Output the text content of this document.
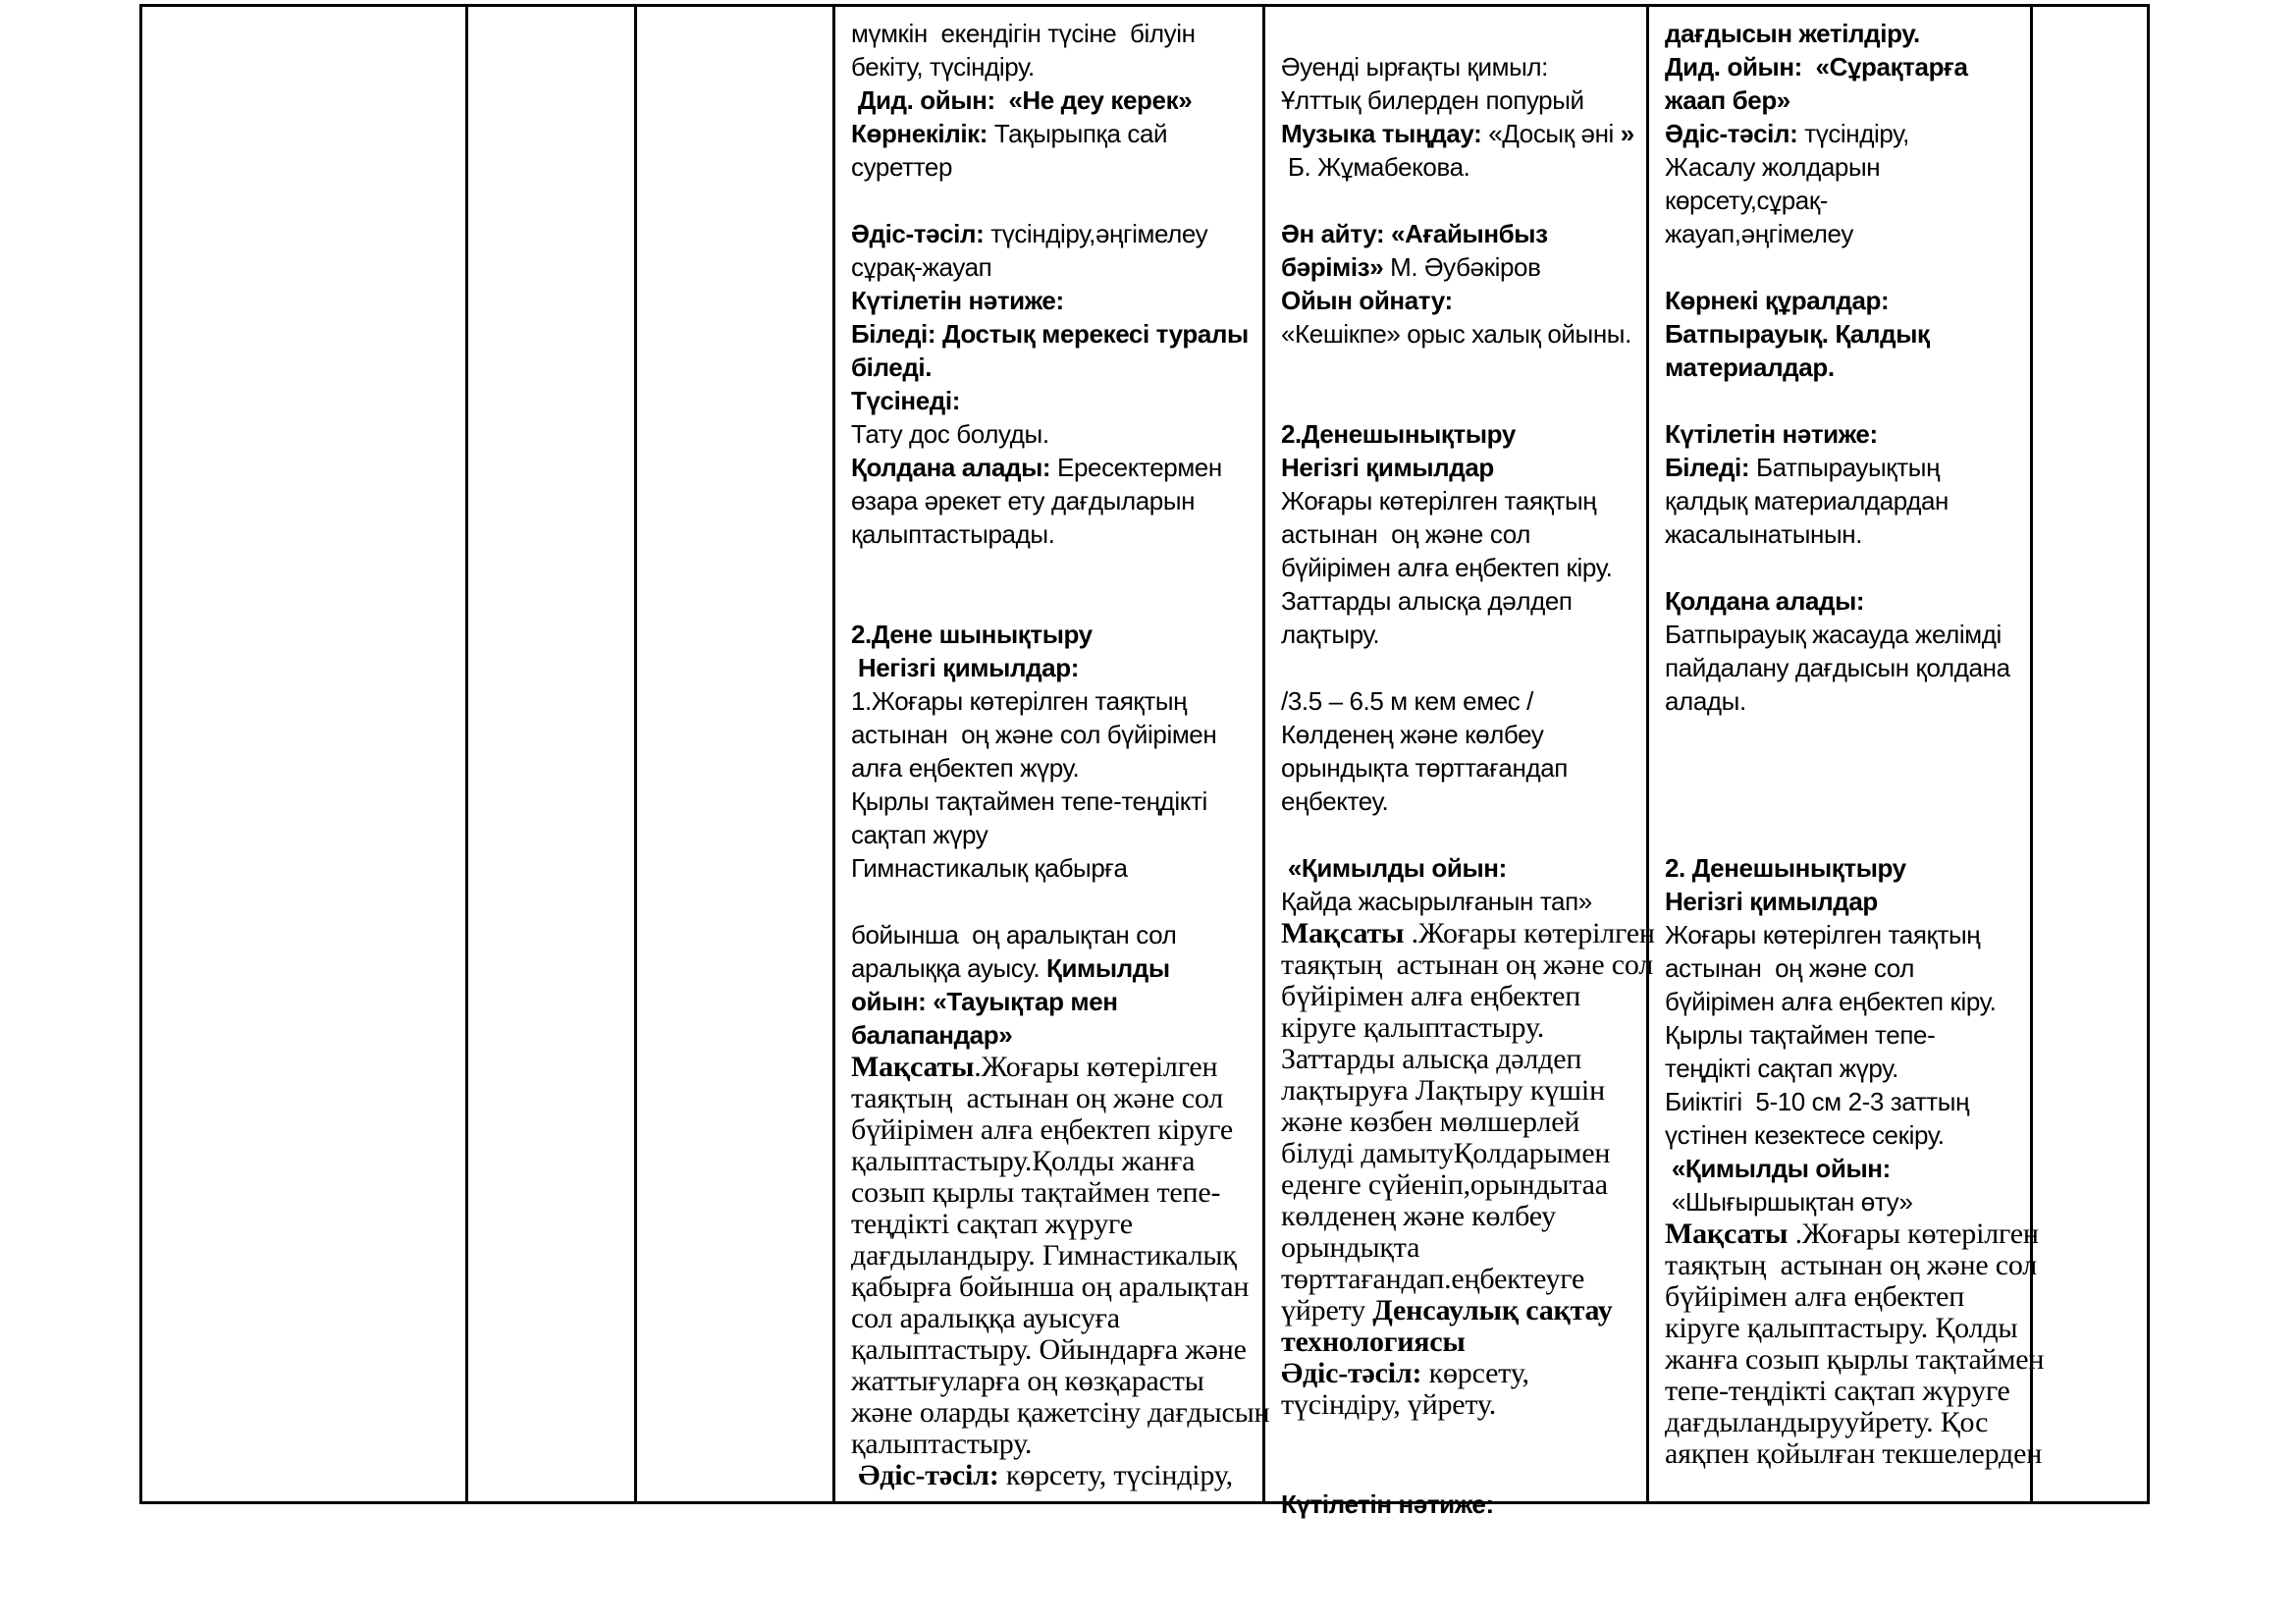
мүмкін  екендігін түсіне  білуін
бекіту, түсіндіру.
Дид. ойын:  «Не деу керек»
Көрнекілік: Тақырыпқа сай
суреттер
Әдіс-тәсіл: түсіндіру,әңгімелеу
сұрақ-жауап
Күтілетін нәтиже:
Біледі: Достық мерекесі туралы
біледі.
Түсінеді:
Тату дос болуды.
Қолдана алады: Ересектермен
өзара әрекет ету дағдыларын
қалыптастырады.
2.Дене шынықтыру
Негізгі қимылдар:
1.Жоғары көтерілген таяқтың
астынан  оң және сол бүйірімен
алға еңбектеп жүру.
Қырлы тақтаймен тепе-теңдікті
сақтап жүру
Гимнастикалық қабырға
бойынша  оң аралықтан сол
аралыққа ауысу. Қимылды
ойын: «Тауықтар мен
балапандар»
Мақсаты.Жоғары көтерілген
таяқтың  астынан оң және сол
бүйірімен алға еңбектеп кіруге
қалыптастыру.Қолды жанға
созып қырлы тақтаймен тепе-
теңдікті сақтап жүруге
дағдыландыру. Гимнастикалық
қабырға бойынша оң аралықтан
сол аралыққа ауысуға
қалыптастыру. Ойындарға және
жаттығуларға оң көзқарасты
және оларды қажетсіну дағдысын
қалыптастыру.
Әдіс-тәсіл: көрсету, түсіндіру,
Әуенді ырғақты қимыл:
Ұлттық билерден попурый
Музыка тыңдау: «Досық әні »
Б. Жұмабекова.
Ән айту: «Ағайынбыз
бәріміз» М. Әубәкіров
Ойын ойнату:
«Кешікпе» орыс халық ойыны.
2.Денешынықтыру
Негізгі қимылдар
Жоғары көтерілген таяқтың
астынан  оң және сол
бүйірімен алға еңбектеп кіру.
Заттарды алысқа дәлдеп
лақтыру.
/3.5 – 6.5 м кем емес /
Көлденең және көлбеу
орындықта төрттағандап
еңбектеу.
«Қимылды ойын:
Қайда жасырылғанын тап»
Мақсаты .Жоғары көтерілген
таяқтың  астынан оң және сол
бүйірімен алға еңбектеп
кіруге қалыптастыру.
Заттарды алысқа дәлдеп
лақтыруға Лақтыру күшін
және көзбен мөлшерлей
білуді дамытуҚолдарымен
еденге сүйеніп,орындытаа
көлденең және көлбеу
орындықта
төрттағандап.еңбектеуге
үйрету Денсаулық сақтау
технологиясы
Әдіс-тәсіл: көрсету,
түсіндіру, үйрету.
Күтілетін нәтиже:
дағдысын жетілдіру.
Дид. ойын:  «Сұрақтарға
жаап бер»
Әдіс-тәсіл: түсіндіру,
Жасалу жолдарын
көрсету,сұрақ-
жауап,әңгімелеу
Көрнекі құралдар:
Батпырауық. Қалдық
материалдар.
Күтілетін нәтиже:
Біледі: Батпырауықтың
қалдық материалдардан
жасалынатынын.
Қолдана алады:
Батпырауық жасауда желімді
пайдалану дағдысын қолдана
алады.
2. Денешынықтыру
Негізгі қимылдар
Жоғары көтерілген таяқтың
астынан  оң және сол
бүйірімен алға еңбектеп кіру.
Қырлы тақтаймен тепе-
теңдікті сақтап жүру.
Биіктігі  5-10 см 2-3 заттың
үстінен кезектесе секіру.
«Қимылды ойын:
«Шығыршықтан өту»
Мақсаты .Жоғары көтерілген
таяқтың  астынан оң және сол
бүйірімен алға еңбектеп
кіруге қалыптастыру. Қолды
жанға созып қырлы тақтаймен
тепе-теңдікті сақтап жүруге
дағдыландырууйрету. Қос
аяқпен қойылған текшелерден
